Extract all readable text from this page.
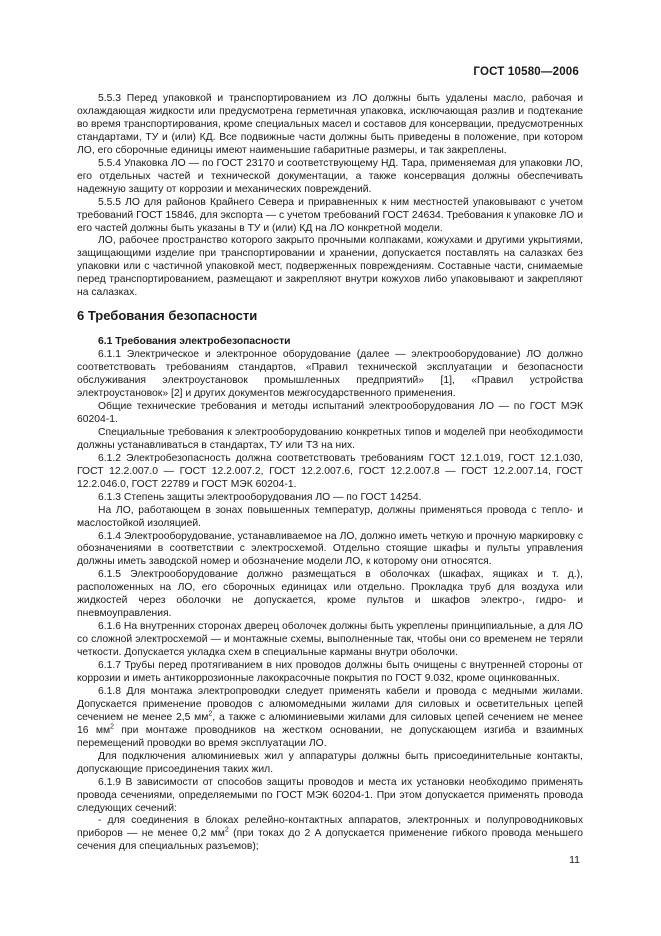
ГОСТ 10580—2006

5.5.3 Перед упаковкой и транспортированием из ЛО должны быть удалены масло, рабочая и охлаждающая жидкости или предусмотрена герметичная упаковка, исключающая разлив и подтекание во время транспортирования, кроме специальных масел и составов для консервации, предусмотренных стандартами, ТУ и (или) КД. Все подвижные части должны быть приведены в положение, при котором ЛО, его сборочные единицы имеют наименьшие габаритные размеры, и так закреплены.

5.5.4 Упаковка ЛО — по ГОСТ 23170 и соответствующему НД. Тара, применяемая для упаковки ЛО, его отдельных частей и технической документации, а также консервация должны обеспечивать надежную защиту от коррозии и механических повреждений.

5.5.5 ЛО для районов Крайнего Севера и приравненных к ним местностей упаковывают с учетом требований ГОСТ 15846, для экспорта — с учетом требований ГОСТ 24634. Требования к упаковке ЛО и его частей должны быть указаны в ТУ и (или) КД на ЛО конкретной модели.

ЛО, рабочее пространство которого закрыто прочными колпаками, кожухами и другими укрытиями, защищающими изделие при транспортировании и хранении, допускается поставлять на салазках без упаковки или с частичной упаковкой мест, подверженных повреждениям. Составные части, снимаемые перед транспортированием, размещают и закрепляют внутри кожухов либо упаковывают и закрепляют на салазках.

6 Требования безопасности
6.1 Требования электробезопасности

6.1.1 Электрическое и электронное оборудование (далее — электрооборудование) ЛО должно соответствовать требованиям стандартов, «Правил технической эксплуатации и безопасности обслуживания электроустановок промышленных предприятий» [1], «Правил устройства электроустановок» [2] и других документов межгосударственного применения.

Общие технические требования и методы испытаний электрооборудования ЛО — по ГОСТ МЭК 60204-1.

Специальные требования к электрооборудованию конкретных типов и моделей при необходимости должны устанавливаться в стандартах, ТУ или ТЗ на них.

6.1.2 Электробезопасность должна соответствовать требованиям ГОСТ 12.1.019, ГОСТ 12.1.030, ГОСТ 12.2.007.0 — ГОСТ 12.2.007.2, ГОСТ 12.2.007.6, ГОСТ 12.2.007.8 — ГОСТ 12.2.007.14, ГОСТ 12.2.046.0, ГОСТ 22789 и ГОСТ МЭК 60204-1.

6.1.3 Степень защиты электрооборудования ЛО — по ГОСТ 14254.

На ЛО, работающем в зонах повышенных температур, должны применяться провода с тепло- и маслостойкой изоляцией.

6.1.4 Электрооборудование, устанавливаемое на ЛО, должно иметь четкую и прочную маркировку с обозначениями в соответствии с электросхемой. Отдельно стоящие шкафы и пульты управления должны иметь заводской номер и обозначение модели ЛО, к которому они относятся.

6.1.5 Электрооборудование должно размещаться в оболочках (шкафах, ящиках и т. д.), расположенных на ЛО, его сборочных единицах или отдельно. Прокладка труб для воздуха или жидкостей через оболочки не допускается, кроме пультов и шкафов электро-, гидро- и пневмоуправления.

6.1.6 На внутренних сторонах дверец оболочек должны быть укреплены принципиальные, а для ЛО со сложной электросхемой — и монтажные схемы, выполненные так, чтобы они со временем не теряли четкости. Допускается укладка схем в специальные карманы внутри оболочки.

6.1.7 Трубы перед протягиванием в них проводов должны быть очищены с внутренней стороны от коррозии и иметь антикоррозионные лакокрасочные покрытия по ГОСТ 9.032, кроме оцинкованных.

6.1.8 Для монтажа электропроводки следует применять кабели и провода с медными жилами. Допускается применение проводов с алюмомедными жилами для силовых и осветительных цепей сечением не менее 2,5 $мм^2$, а также с алюминиевыми жилами для силовых цепей сечением не менее 16 $мм^2$ при монтаже проводников на жестком основании, не допускающем изгиба и взаимных перемещений проводки во время эксплуатации ЛО.

Для подключения алюминиевых жил у аппаратуры должны быть присоединительные контакты, допускающие присоединения таких жил.

6.1.9 В зависимости от способов защиты проводов и места их установки необходимо применять провода сечениями, определяемыми по ГОСТ МЭК 60204-1. При этом допускается применять провода следующих сечений:

- для соединения в блоках релейно-контактных аппаратов, электронных и полупроводниковых приборов — не менее 0,2 $мм^2$ (при токах до 2 А допускается применение гибкого провода меньшего сечения для специальных разъемов);

11
